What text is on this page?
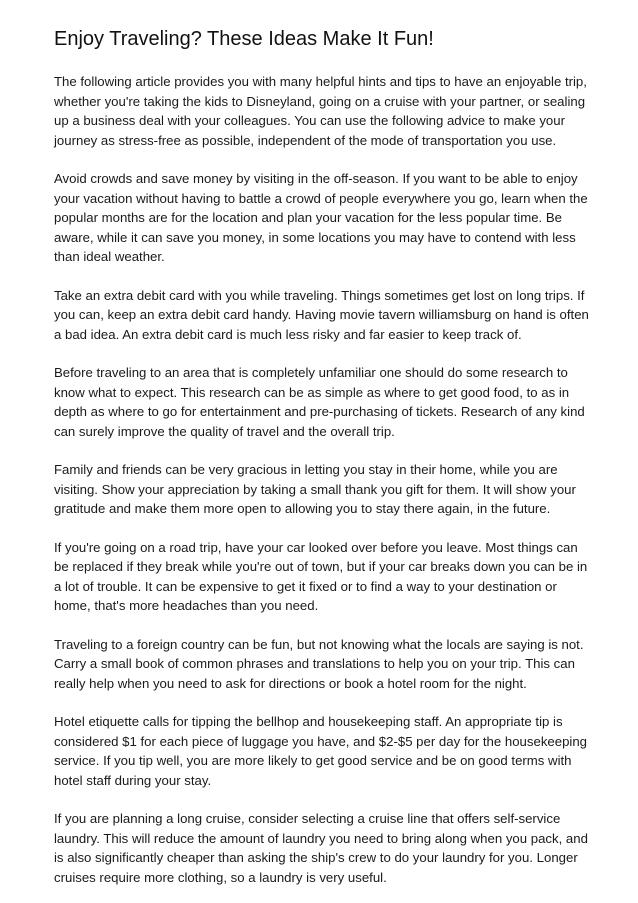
Enjoy Traveling? These Ideas Make It Fun!

The following article provides you with many helpful hints and tips to have an enjoyable trip, whether you're taking the kids to Disneyland, going on a cruise with your partner, or sealing up a business deal with your colleagues. You can use the following advice to make your journey as stress-free as possible, independent of the mode of transportation you use.

Avoid crowds and save money by visiting in the off-season. If you want to be able to enjoy your vacation without having to battle a crowd of people everywhere you go, learn when the popular months are for the location and plan your vacation for the less popular time. Be aware, while it can save you money, in some locations you may have to contend with less than ideal weather.

Take an extra debit card with you while traveling. Things sometimes get lost on long trips. If you can, keep an extra debit card handy. Having movie tavern williamsburg on hand is often a bad idea. An extra debit card is much less risky and far easier to keep track of.

Before traveling to an area that is completely unfamiliar one should do some research to know what to expect. This research can be as simple as where to get good food, to as in depth as where to go for entertainment and pre-purchasing of tickets. Research of any kind can surely improve the quality of travel and the overall trip.

Family and friends can be very gracious in letting you stay in their home, while you are visiting. Show your appreciation by taking a small thank you gift for them. It will show your gratitude and make them more open to allowing you to stay there again, in the future.

If you're going on a road trip, have your car looked over before you leave. Most things can be replaced if they break while you're out of town, but if your car breaks down you can be in a lot of trouble. It can be expensive to get it fixed or to find a way to your destination or home, that's more headaches than you need.

Traveling to a foreign country can be fun, but not knowing what the locals are saying is not. Carry a small book of common phrases and translations to help you on your trip. This can really help when you need to ask for directions or book a hotel room for the night.

Hotel etiquette calls for tipping the bellhop and housekeeping staff. An appropriate tip is considered $1 for each piece of luggage you have, and $2-$5 per day for the housekeeping service. If you tip well, you are more likely to get good service and be on good terms with hotel staff during your stay.

If you are planning a long cruise, consider selecting a cruise line that offers self-service laundry. This will reduce the amount of laundry you need to bring along when you pack, and is also significantly cheaper than asking the ship's crew to do your laundry for you. Longer cruises require more clothing, so a laundry is very useful.
